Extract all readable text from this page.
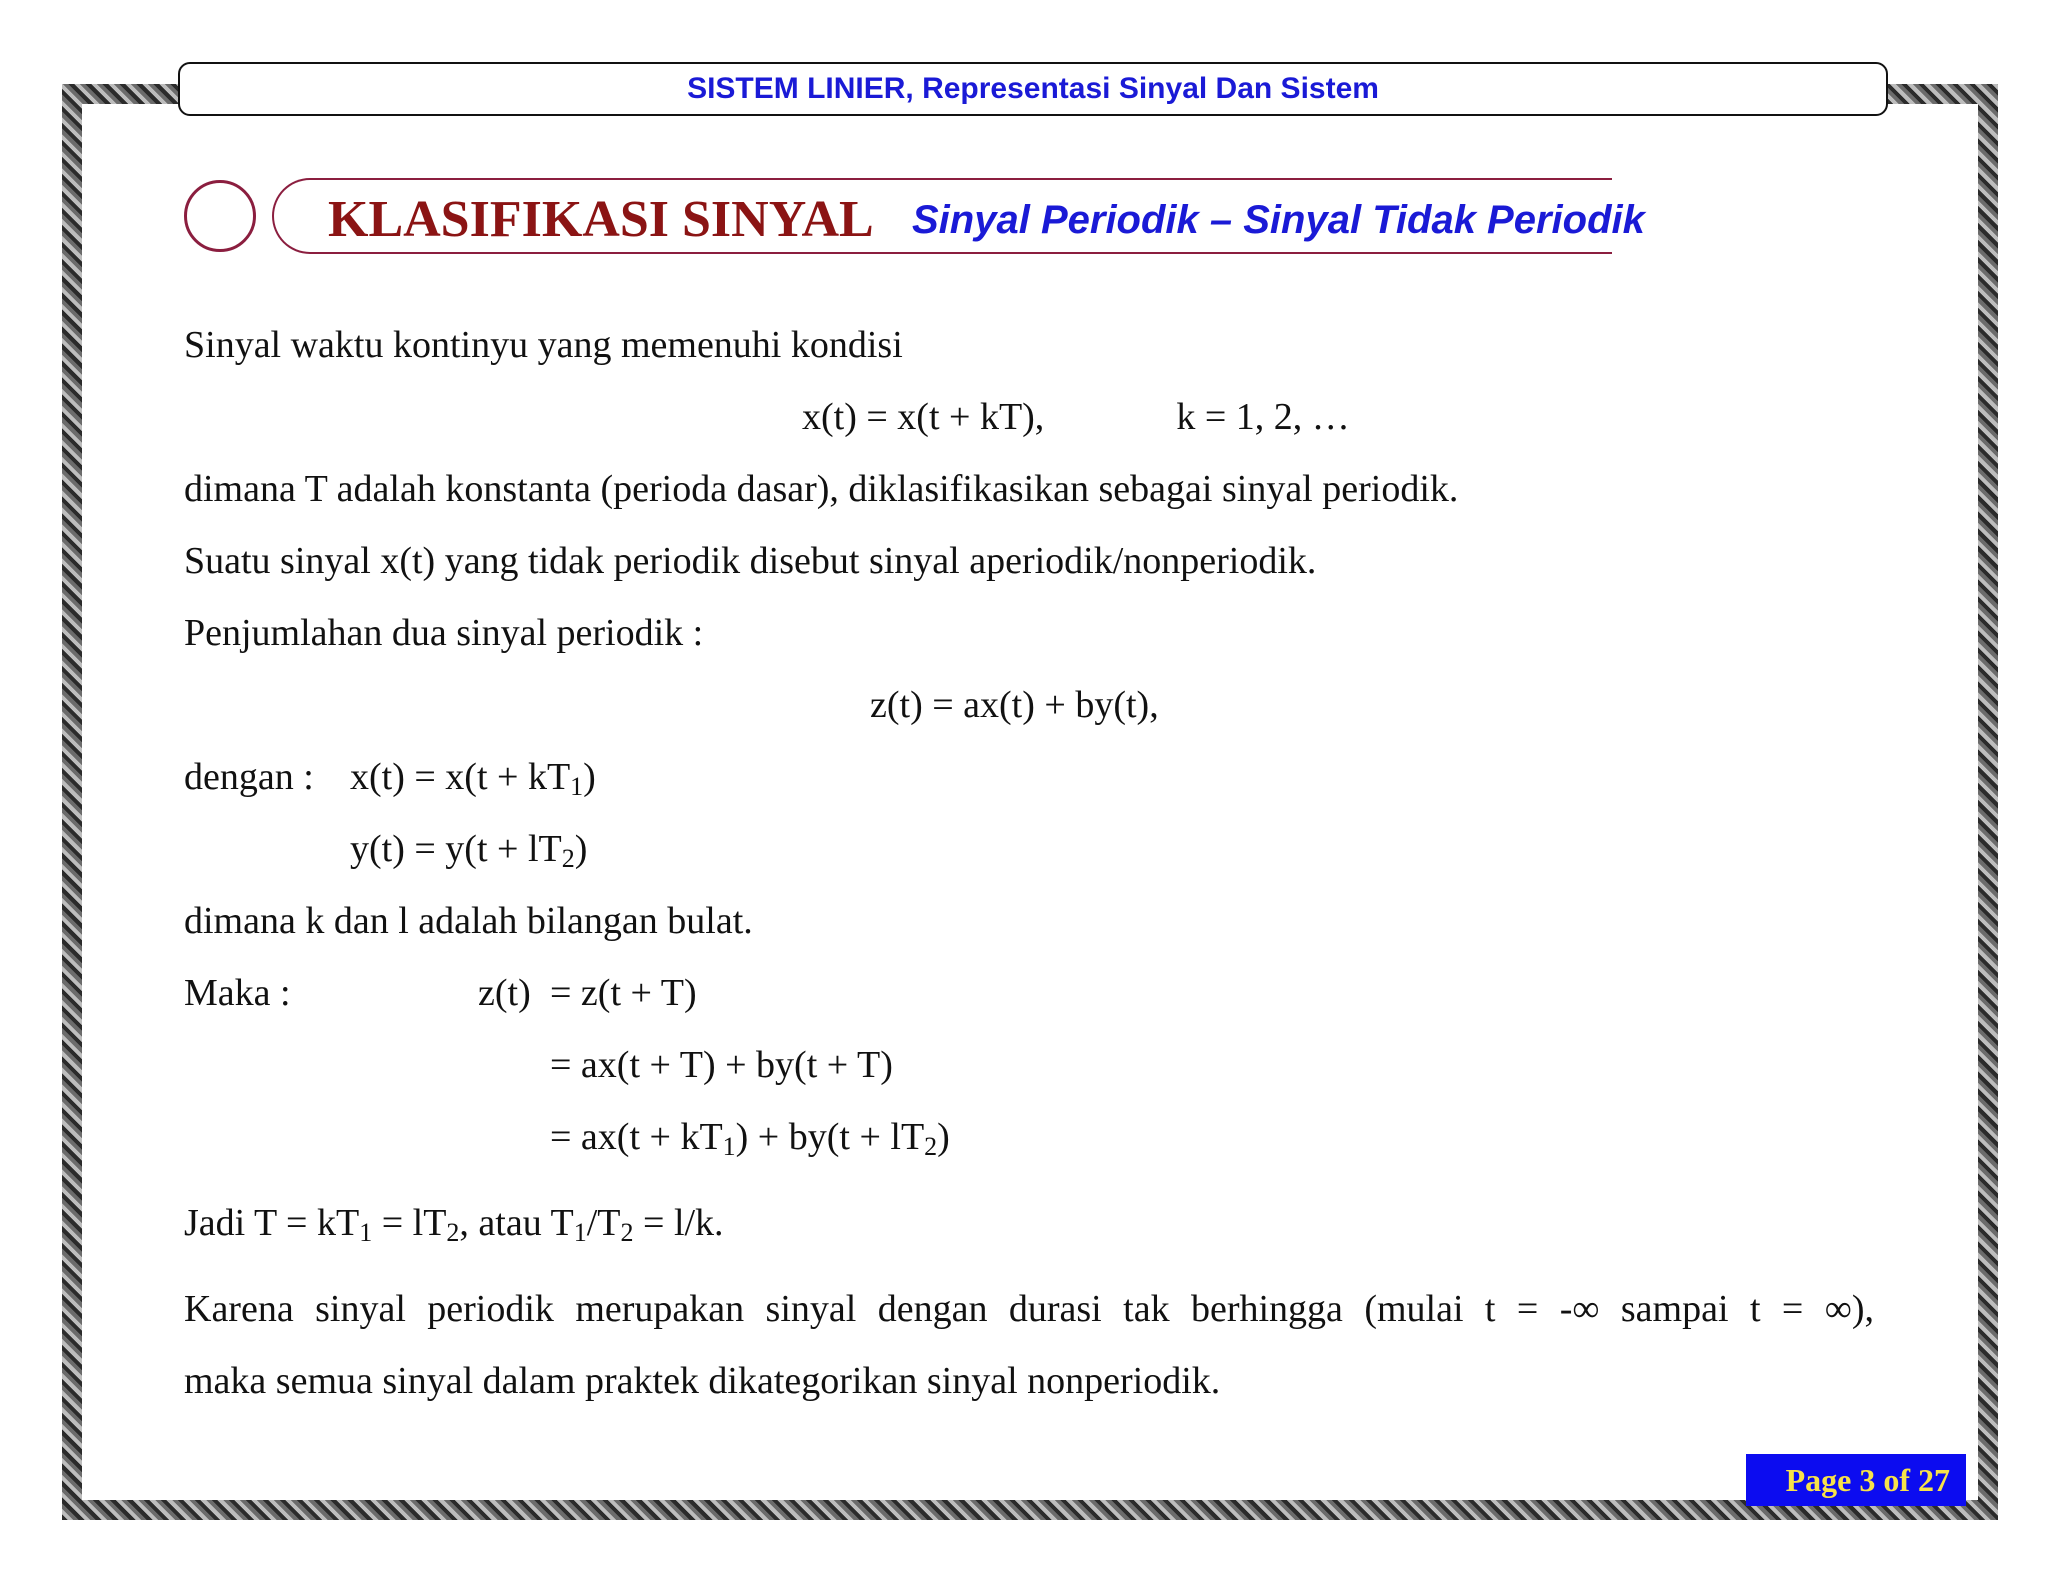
SISTEM LINIER, Representasi Sinyal Dan Sistem
KLASIFIKASI SINYAL Sinyal Periodik – Sinyal Tidak Periodik
Sinyal waktu kontinyu yang memenuhi kondisi
x(t) = x(t + kT),	k = 1, 2, …
dimana T adalah konstanta (perioda dasar), diklasifikasikan sebagai sinyal periodik.
Suatu sinyal x(t) yang tidak periodik disebut sinyal aperiodik/nonperiodik.
Penjumlahan dua sinyal periodik :
z(t) = ax(t) + by(t),
dengan : $x(t) = x(t + kT_1)$
$y(t) = y(t + lT_2)$
dimana k dan l adalah bilangan bulat.
Maka :	z(t) = z(t + T)
= ax(t + T) + by(t + T)
= $ax(t + kT_1) + by(t + lT_2)$
Jadi $T = kT_1 = lT_2$, atau $T_1/T_2 = l/k$.
Karena sinyal periodik merupakan sinyal dengan durasi tak berhingga (mulai t = -∞ sampai t = ∞),
maka semua sinyal dalam praktek dikategorikan sinyal nonperiodik.
Page 3 of 27
